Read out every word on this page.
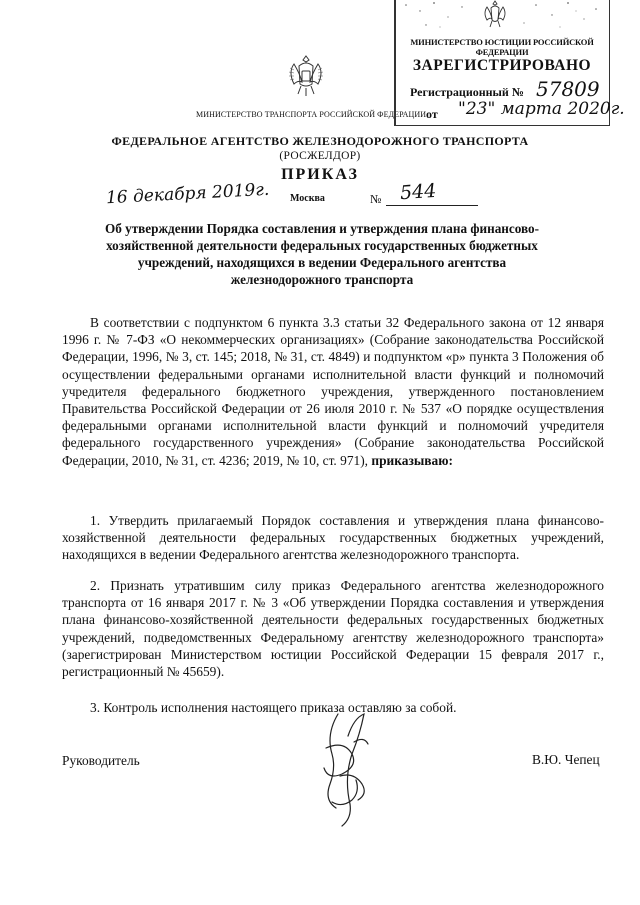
МИНИСТЕРСТВО ТРАНСПОРТА РОССИЙСКОЙ ФЕДЕРАЦИИ
ФЕДЕРАЛЬНОЕ АГЕНТСТВО ЖЕЛЕЗНОДОРОЖНОГО ТРАНСПОРТА
(РОСЖЕЛДОР)
ПРИКАЗ
16 декабря 2019г. Москва	№ 544
МИНИСТЕРСТВО ЮСТИЦИИ РОССИЙСКОЙ ФЕДЕРАЦИИ
ЗАРЕГИСТРИРОВАНО
Регистрационный № 57809
от "23" марта 2020г.
Об утверждении Порядка составления и утверждения плана финансово-хозяйственной деятельности федеральных государственных бюджетных учреждений, находящихся в ведении Федерального агентства железнодорожного транспорта
В соответствии с подпунктом 6 пункта 3.3 статьи 32 Федерального закона от 12 января 1996 г. № 7-ФЗ «О некоммерческих организациях» (Собрание законодательства Российской Федерации, 1996, № 3, ст. 145; 2018, № 31, ст. 4849) и подпунктом «р» пункта 3 Положения об осуществлении федеральными органами исполнительной власти функций и полномочий учредителя федерального бюджетного учреждения, утвержденного постановлением Правительства Российской Федерации от 26 июля 2010 г. № 537 «О порядке осуществления федеральными органами исполнительной власти функций и полномочий учредителя федерального государственного учреждения» (Собрание законодательства Российской Федерации, 2010, № 31, ст. 4236; 2019, № 10, ст. 971), приказываю:
1. Утвердить прилагаемый Порядок составления и утверждения плана финансово-хозяйственной деятельности федеральных государственных бюджетных учреждений, находящихся в ведении Федерального агентства железнодорожного транспорта.
2. Признать утратившим силу приказ Федерального агентства железнодорожного транспорта от 16 января 2017 г. № 3 «Об утверждении Порядка составления и утверждения плана финансово-хозяйственной деятельности федеральных государственных бюджетных учреждений, подведомственных Федеральному агентству железнодорожного транспорта» (зарегистрирован Министерством юстиции Российской Федерации 15 февраля 2017 г., регистрационный № 45659).
3. Контроль исполнения настоящего приказа оставляю за собой.
Руководитель	В.Ю. Чепец
